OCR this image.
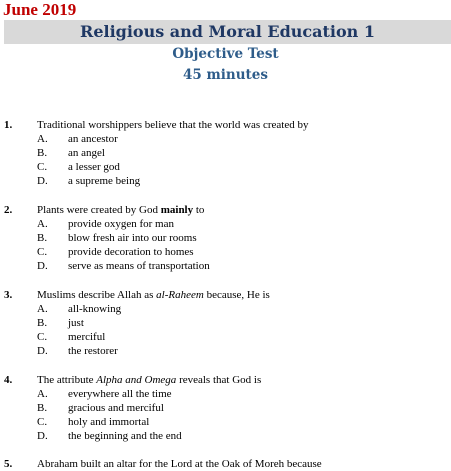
June 2019
Religious and Moral Education 1
Objective Test
45 minutes
1. Traditional worshippers believe that the world was created by
A. an ancestor
B. an angel
C. a lesser god
D. a supreme being
2. Plants were created by God mainly to
A. provide oxygen for man
B. blow fresh air into our rooms
C. provide decoration to homes
D. serve as means of transportation
3. Muslims describe Allah as al-Raheem because, He is
A. all-knowing
B. just
C. merciful
D. the restorer
4. The attribute Alpha and Omega reveals that God is
A. everywhere all the time
B. gracious and merciful
C. holy and immortal
D. the beginning and the end
5. Abraham built an altar for the Lord at the Oak of Moreh because
